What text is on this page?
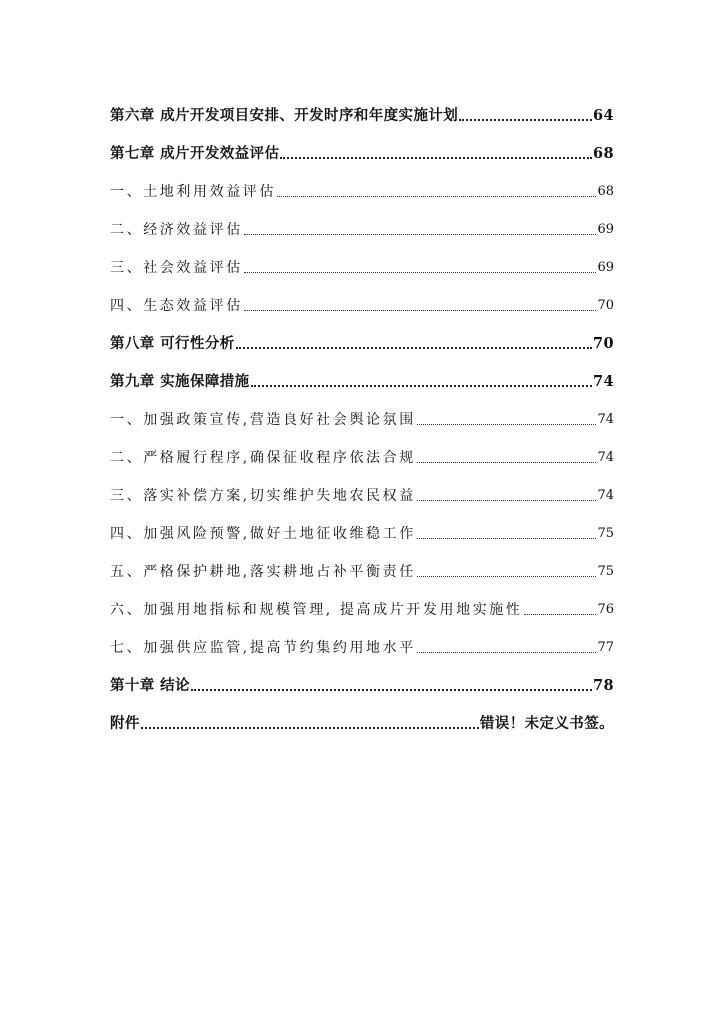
第六章 成片开发项目安排、开发时序和年度实施计划	64
第七章 成片开发效益评估	68
一、土地利用效益评估	68
二、经济效益评估	69
三、社会效益评估	69
四、生态效益评估	70
第八章 可行性分析	70
第九章 实施保障措施	74
一、加强政策宣传,营造良好社会舆论氛围	74
二、严格履行程序,确保征收程序依法合规	74
三、落实补偿方案,切实维护失地农民权益	74
四、加强风险预警,做好土地征收维稳工作	75
五、严格保护耕地,落实耕地占补平衡责任	75
六、加强用地指标和规模管理, 提高成片开发用地实施性	76
七、加强供应监管,提高节约集约用地水平	77
第十章 结论	78
附件	错误！未定义书签。
